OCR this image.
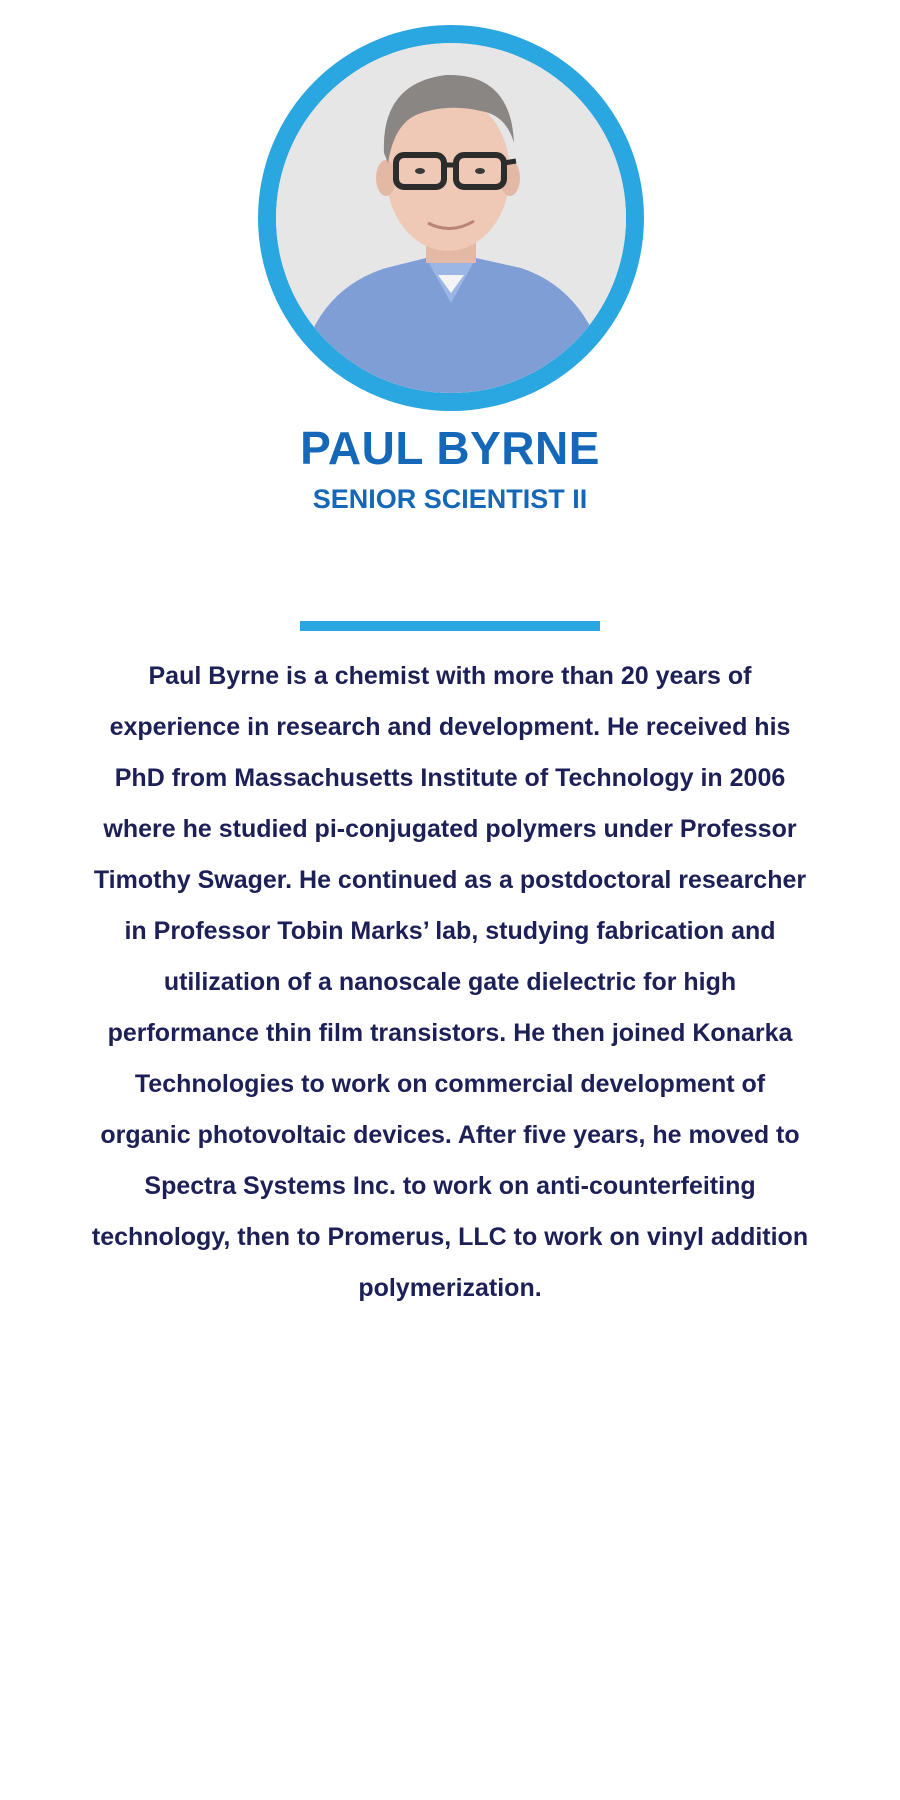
PAUL BYRNE
SENIOR SCIENTIST II

Paul Byrne is a chemist with more than 20 years of experience in research and development. He received his PhD from Massachusetts Institute of Technology in 2006 where he studied pi-conjugated polymers under Professor Timothy Swager. He continued as a postdoctoral researcher in Professor Tobin Marks’ lab, studying fabrication and utilization of a nanoscale gate dielectric for high performance thin film transistors. He then joined Konarka Technologies to work on commercial development of organic photovoltaic devices. After five years, he moved to Spectra Systems Inc. to work on anti-counterfeiting technology, then to Promerus, LLC to work on vinyl addition polymerization.
